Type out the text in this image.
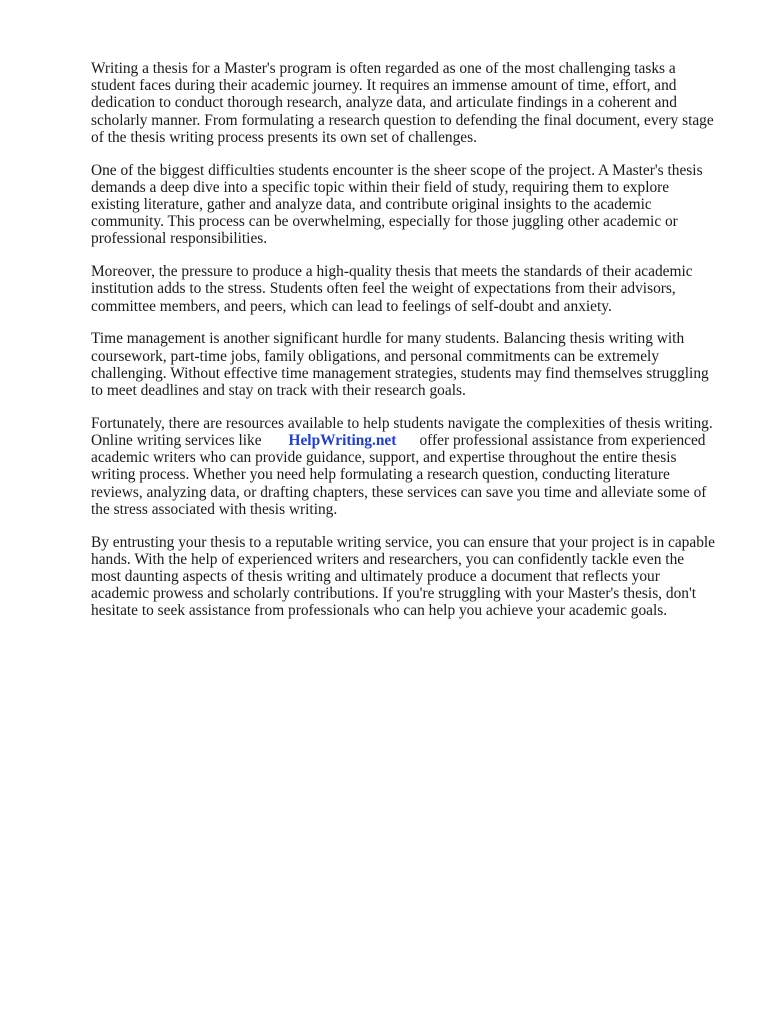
Writing a thesis for a Master's program is often regarded as one of the most challenging tasks a
student faces during their academic journey. It requires an immense amount of time, effort, and
dedication to conduct thorough research, analyze data, and articulate findings in a coherent and
scholarly manner. From formulating a research question to defending the final document, every stage
of the thesis writing process presents its own set of challenges.

One of the biggest difficulties students encounter is the sheer scope of the project. A Master's thesis
demands a deep dive into a specific topic within their field of study, requiring them to explore
existing literature, gather and analyze data, and contribute original insights to the academic
community. This process can be overwhelming, especially for those juggling other academic or
professional responsibilities.

Moreover, the pressure to produce a high-quality thesis that meets the standards of their academic
institution adds to the stress. Students often feel the weight of expectations from their advisors,
committee members, and peers, which can lead to feelings of self-doubt and anxiety.

Time management is another significant hurdle for many students. Balancing thesis writing with
coursework, part-time jobs, family obligations, and personal commitments can be extremely
challenging. Without effective time management strategies, students may find themselves struggling
to meet deadlines and stay on track with their research goals.

Fortunately, there are resources available to help students navigate the complexities of thesis writing.
Online writing services like HelpWriting.net offer professional assistance from experienced
academic writers who can provide guidance, support, and expertise throughout the entire thesis
writing process. Whether you need help formulating a research question, conducting literature
reviews, analyzing data, or drafting chapters, these services can save you time and alleviate some of
the stress associated with thesis writing.

By entrusting your thesis to a reputable writing service, you can ensure that your project is in capable
hands. With the help of experienced writers and researchers, you can confidently tackle even the
most daunting aspects of thesis writing and ultimately produce a document that reflects your
academic prowess and scholarly contributions. If you're struggling with your Master's thesis, don't
hesitate to seek assistance from professionals who can help you achieve your academic goals.
